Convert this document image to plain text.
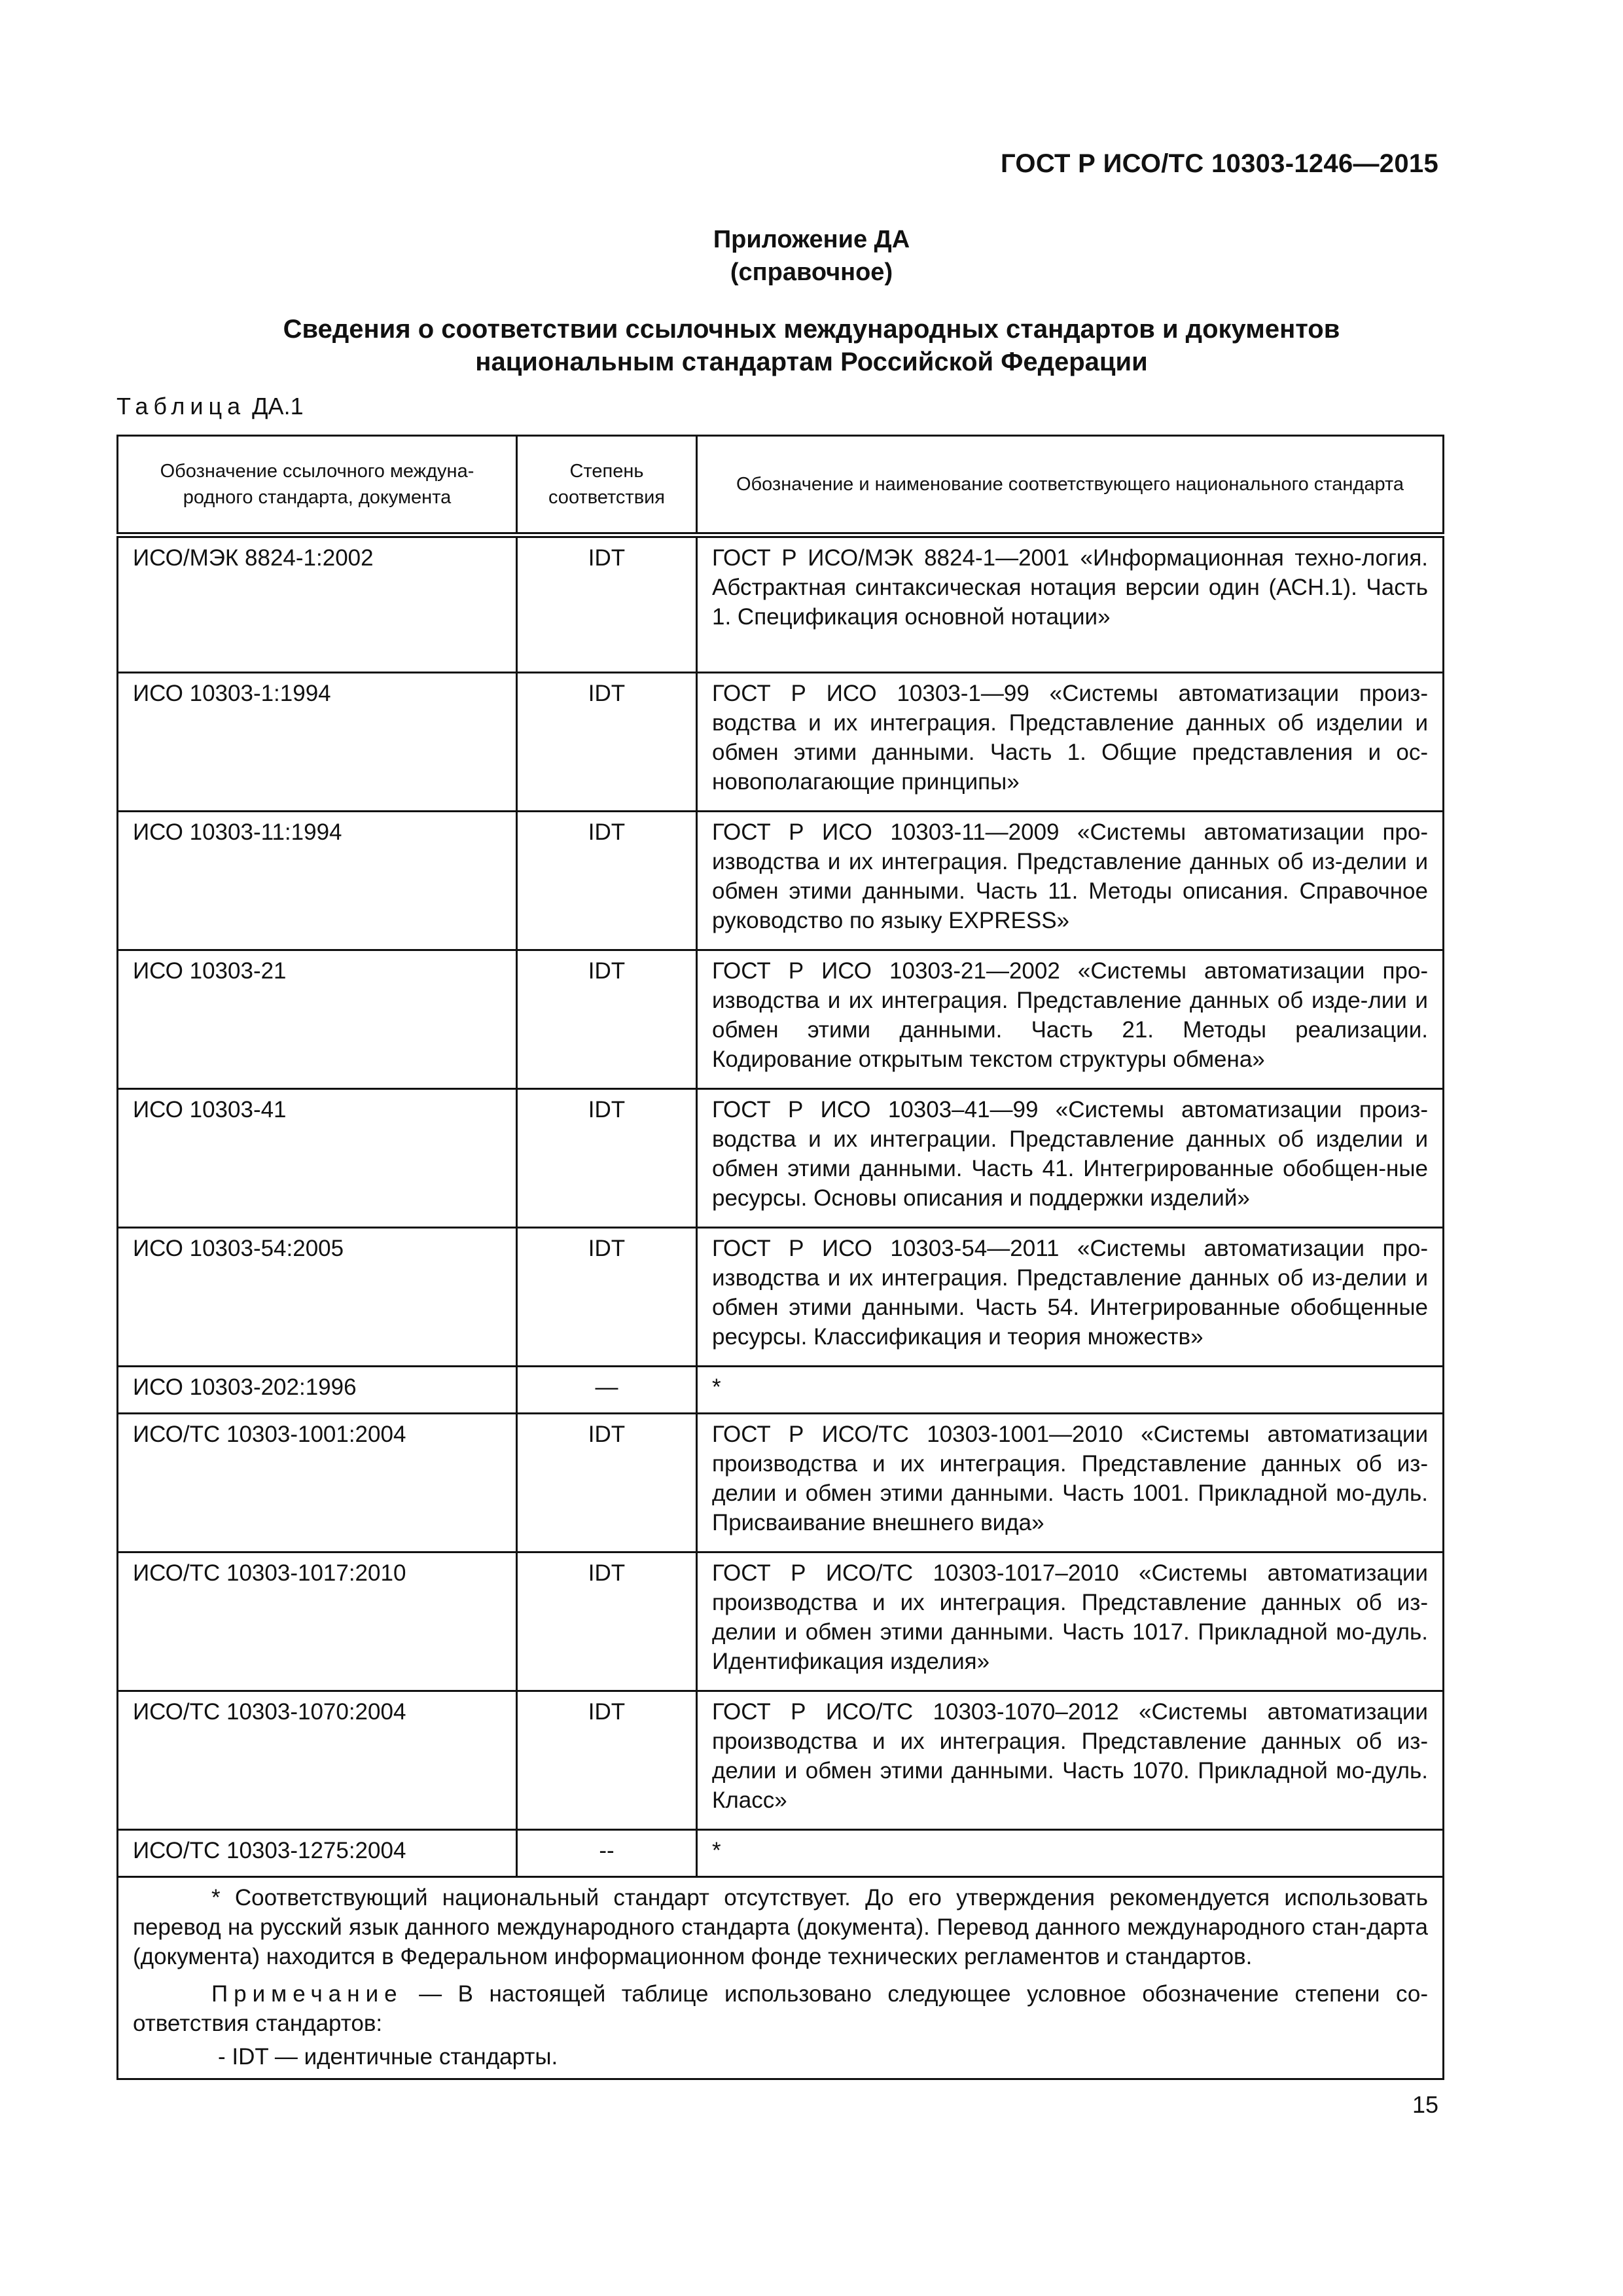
ГОСТ Р ИСО/ТС 10303-1246—2015
Приложение ДА
(справочное)
Сведения о соответствии ссылочных международных стандартов и документов
национальным стандартам Российской Федерации
Таблица ДА.1
Обозначение ссылочного междуна-родного стандарта, документа	Степень соответствия	Обозначение и наименование соответствующего национального стандарта
ИСО/МЭК 8824-1:2002	IDT	ГОСТ Р ИСО/МЭК 8824-1—2001 «Информационная техно-логия. Абстрактная синтаксическая нотация версии один (АСН.1). Часть 1. Спецификация основной нотации»
ИСО 10303-1:1994	IDT	ГОСТ Р ИСО 10303-1—99 «Системы автоматизации произ-водства и их интеграция. Представление данных об изделии и обмен этими данными. Часть 1. Общие представления и ос-новополагающие принципы»
ИСО 10303-11:1994	IDT	ГОСТ Р ИСО 10303-11—2009 «Системы автоматизации про-изводства и их интеграция. Представление данных об из-делии и обмен этими данными. Часть 11. Методы описания. Справочное руководство по языку EXPRESS»
ИСО 10303-21	IDT	ГОСТ Р ИСО 10303-21—2002 «Системы автоматизации про-изводства и их интеграция. Представление данных об изде-лии и обмен этими данными. Часть 21. Методы реализации. Кодирование открытым текстом структуры обмена»
ИСО 10303-41	IDT	ГОСТ Р ИСО 10303–41—99 «Системы автоматизации произ-водства и их интеграции. Представление данных об изделии и обмен этими данными. Часть 41. Интегрированные обобщен-ные ресурсы. Основы описания и поддержки изделий»
ИСО 10303-54:2005	IDT	ГОСТ Р ИСО 10303-54—2011 «Системы автоматизации про-изводства и их интеграция. Представление данных об из-делии и обмен этими данными. Часть 54. Интегрированные обобщенные ресурсы. Классификация и теория множеств»
ИСО 10303-202:1996	—	*
ИСО/ТС 10303-1001:2004	IDT	ГОСТ Р ИСО/ТС 10303-1001—2010 «Системы автоматизации производства и их интеграция. Представление данных об из-делии и обмен этими данными. Часть 1001. Прикладной мо-дуль. Присваивание внешнего вида»
ИСО/ТС 10303-1017:2010	IDT	ГОСТ Р ИСО/ТС 10303-1017–2010 «Системы автоматизации производства и их интеграция. Представление данных об из-делии и обмен этими данными. Часть 1017. Прикладной мо-дуль. Идентификация изделия»
ИСО/ТС 10303-1070:2004	IDT	ГОСТ Р ИСО/ТС 10303-1070–2012 «Системы автоматизации производства и их интеграция. Представление данных об из-делии и обмен этими данными. Часть 1070. Прикладной мо-дуль. Класс»
ИСО/ТС 10303-1275:2004	--	*

* Соответствующий национальный стандарт отсутствует. До его утверждения рекомендуется использовать перевод на русский язык данного международного стандарта (документа). Перевод данного международного стан-дарта (документа) находится в Федеральном информационном фонде технических регламентов и стандартов.

Примечание — В настоящей таблице использовано следующее условное обозначение степени со-ответствия стандартов:

- IDT — идентичные стандарты.		

15
